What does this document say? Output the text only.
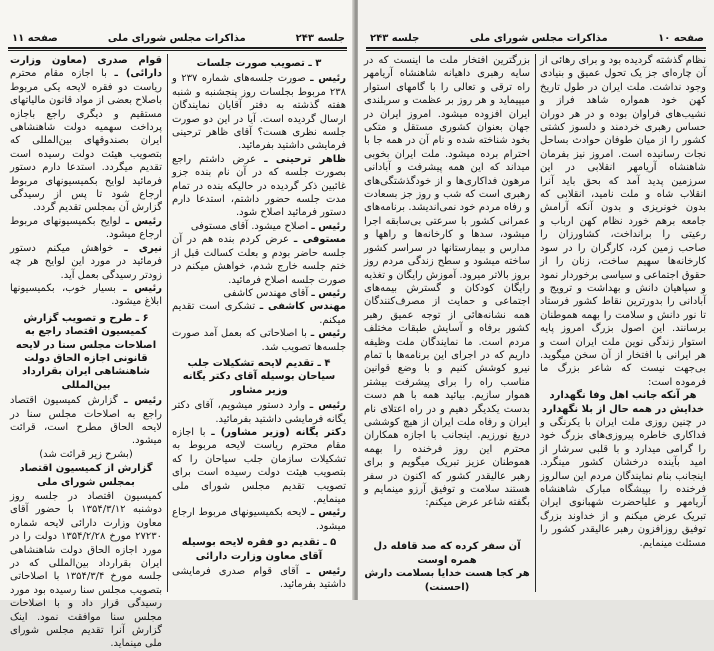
صفحه ۱۱	مذاکرات مجلس شورای ملی	جلسه ۲۴۳

۳ ـ تصویب صورت جلسات

رئیس ـ صورت جلسه‌های شماره ۲۳۷ و ۲۳۸ مربوط بجلسات روز پنجشنبه و شنبه هفته گذشته به دفتر آقایان نمایندگان ارسال گردیده است. آیا در این دو صورت جلسه نظری هست؟ آقای ظاهر ترحینی فرمایشی داشتید بفرمائید.

ظاهر ترحینی ـ عرض داشتم راجع بصورت جلسه که در آن نام بنده جزو غائبین ذکر گردیده در حالیکه بنده در تمام مدت جلسه حضور داشتم، استدعا دارم دستور فرمائید اصلاح شود.

رئیس ـ اصلاح میشود. آقای مستوفی

مستوفی ـ عرض کردم بنده هم در آن جلسه حاضر بودم و بعلت کسالت قبل از ختم جلسه خارج شدم، خواهش میکنم در صورت جلسه اصلاح فرمائید.

رئیس ـ آقای مهندس کاشفی

مهندس کاشفی ـ تشکری است تقدیم میکنم.

رئیس ـ با اصلاحاتی که بعمل آمد صورت جلسه‌ها تصویب شد.

۴ ـ تقدیم لایحه تشکیلات جلب سیاحان بوسیله آقای دکتر یگانه وزیر مشاور

رئیس ـ وارد دستور میشویم، آقای دکتر یگانه فرمایشی داشتید بفرمائید.

دکتر یگانه (وزیر مشاور) ـ با اجازه مقام محترم ریاست لایحه مربوط به تشکیلات سازمان جلب سیاحان را که بتصویب هیئت دولت رسیده است برای تصویب تقدیم مجلس شورای ملی مینمایم.

رئیس ـ لایحه بکمیسیونهای مربوط ارجاع میشود.

۵ ـ تقدیم دو فقره لایحه بوسیله آقای معاون وزارت دارائی

رئیس ـ آقای قوام صدری فرمایشی داشتید بفرمائید.

قوام صدری (معاون وزارت دارائی) ـ با اجازه مقام محترم ریاست دو فقره لایحه یکی مربوط باصلاح بعضی از مواد قانون مالیاتهای مستقیم و دیگری راجع باجازه پرداخت سهمیه دولت شاهنشاهی ایران بصندوقهای بین‌المللی که بتصویب هیئت دولت رسیده است تقدیم میگردد. استدعا دارم دستور فرمائید لوایح بکمیسیونهای مربوط ارجاع شود تا پس از رسیدگی گزارش آن بمجلس تقدیم گردد.

رئیس ـ لوایح بکمیسیونهای مربوط ارجاع میشود.

نیری ـ خواهش میکنم دستور فرمائید در مورد این لوایح هر چه زودتر رسیدگی بعمل آید.

رئیس ـ بسیار خوب، بکمیسیونها ابلاغ میشود.

۶ ـ طرح و تصویب گزارش کمیسیون اقتصاد راجع به اصلاحات مجلس سنا در لایحه قانونی اجازه الحاق دولت شاهنشاهی ایران بقرارداد بین‌المللی

رئیس ـ گزارش کمیسیون اقتصاد راجع به اصلاحات مجلس سنا در لایحه الحاق مطرح است، قرائت میشود.

(بشرح زیر قرائت شد)

گزارش از کمیسیون اقتصاد بمجلس شورای ملی

کمیسیون اقتصاد در جلسه روز دوشنبه ۱۳۵۴/۳/۱۲ با حضور آقای معاون وزارت دارائی لایحه شماره ۲۷۲۳۰ مورخ ۱۳۵۴/۲/۲۸ دولت را در مورد اجازه الحاق دولت شاهنشاهی ایران بقرارداد بین‌المللی که در جلسه مورخ ۱۳۵۴/۳/۴ با اصلاحاتی بتصویب مجلس سنا رسیده بود مورد رسیدگی قرار داد و با اصلاحات مجلس سنا موافقت نمود. اینک گزارش آنرا تقدیم مجلس شورای ملی مینماید.

جلسه ۲۴۳	مذاکرات مجلس شورای ملی	صفحه ۱۰

نظام گذشته گردیده بود و برای رهائی از آن چاره‌ای جز یک تحول عمیق و بنیادی وجود نداشت. ملت ایران در طول تاریخ کهن خود همواره شاهد فراز و نشیب‌های فراوان بوده و در هر دوران حساس رهبری خردمند و دلسوز کشتی کشور را از میان طوفان حوادث بساحل نجات رسانیده است. امروز نیز بفرمان شاهنشاه آریامهر انقلابی در این سرزمین پدید آمد که بحق باید آنرا انقلاب شاه و ملت نامید، انقلابی که بدون خونریزی و بدون آنکه آرامش جامعه برهم خورد نظام کهن ارباب و رعیتی را برانداخت، کشاورزان را صاحب زمین کرد، کارگران را در سود کارخانه‌ها سهیم ساخت، زنان را از حقوق اجتماعی و سیاسی برخوردار نمود و سپاهیان دانش و بهداشت و ترویج و آبادانی را بدورترین نقاط کشور فرستاد تا نور دانش و سلامت را بهمه هموطنان برسانند. این اصول بزرگ امروز پایه استوار زندگی نوین ملت ایران است و هر ایرانی با افتخار از آن سخن میگوید. بی‌جهت نیست که شاعر بزرگ ما فرموده است:

هر آنکه جانب اهل وفا نگهدارد

خدایش در همه حال از بلا نگهدارد

در چنین روزی ملت ایران با یکرنگی و فداکاری خاطره پیروزی‌های بزرگ خود را گرامی میدارد و با قلبی سرشار از امید بآینده درخشان کشور مینگرد. اینجانب بنام نمایندگان مردم این سالروز فرخنده را بپیشگاه مبارک شاهنشاه آریامهر و علیاحضرت شهبانوی ایران تبریک عرض میکنم و از خداوند بزرگ توفیق روزافزون رهبر عالیقدر کشور را مسئلت مینمایم.

بزرگترین افتخار ملت ما اینست که در سایه رهبری داهیانه شاهنشاه آریامهر راه ترقی و تعالی را با گامهای استوار میپیماید و هر روز بر عظمت و سربلندی ایران افزوده میشود. امروز ایران در جهان بعنوان کشوری مستقل و متکی بخود شناخته شده و نام آن در همه جا با احترام برده میشود. ملت ایران بخوبی میداند که این همه پیشرفت و آبادانی مرهون فداکاری‌ها و از خودگذشتگی‌های رهبری است که شب و روز جز بسعادت و رفاه مردم خود نمی‌اندیشد. برنامه‌های عمرانی کشور با سرعتی بی‌سابقه اجرا میشود، سدها و کارخانه‌ها و راهها و مدارس و بیمارستانها در سراسر کشور ساخته میشود و سطح زندگی مردم روز بروز بالاتر میرود. آموزش رایگان و تغذیه رایگان کودکان و گسترش بیمه‌های اجتماعی و حمایت از مصرف‌کنندگان همه نشانه‌هائی از توجه عمیق رهبر کشور برفاه و آسایش طبقات مختلف مردم است. ما نمایندگان ملت وظیفه داریم که در اجرای این برنامه‌ها با تمام نیرو کوشش کنیم و با وضع قوانین مناسب راه را برای پیشرفت بیشتر هموار سازیم. بیائید همه با هم دست بدست یکدیگر دهیم و در راه اعتلای نام ایران و رفاه ملت ایران از هیچ کوششی دریغ نورزیم. اینجانب با اجازه همکاران محترم این روز فرخنده را بهمه هموطنان عزیز تبریک میگویم و برای رهبر عالیقدر کشور که اکنون در سفر هستند سلامت و توفیق آرزو مینمایم و بگفته شاعر عرض میکنم:

آن سفر کرده که صد قافله دل همره اوست

هر کجا هست خدایا بسلامت دارش (احسنت)
